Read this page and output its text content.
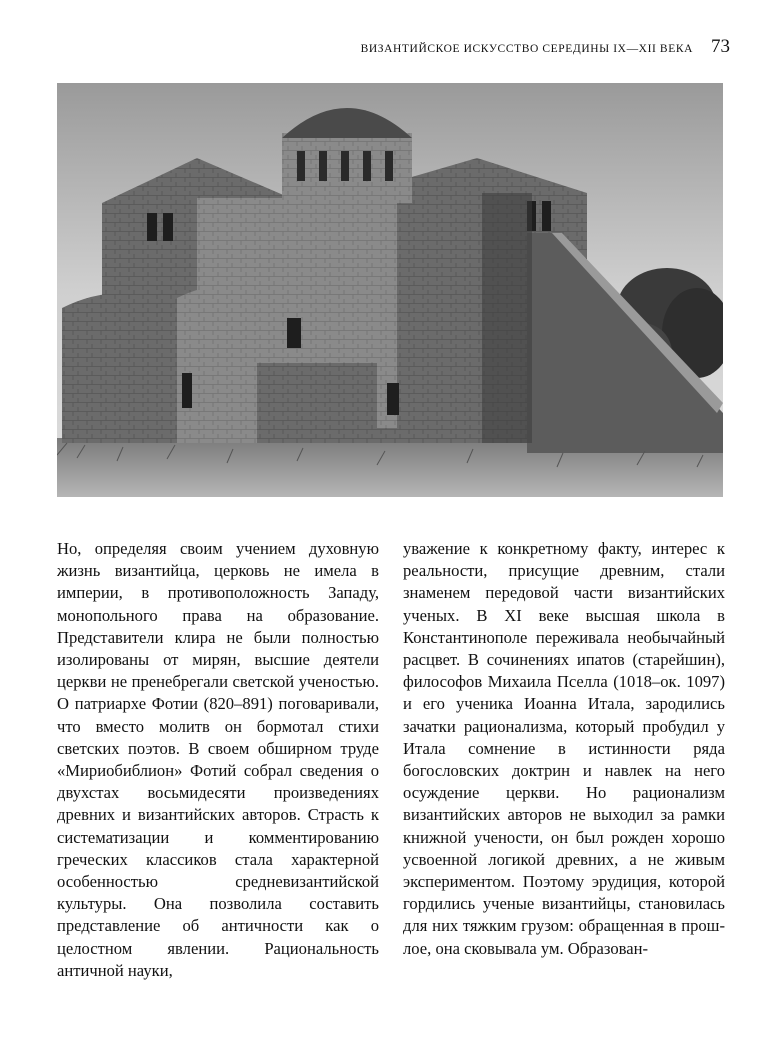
ВИЗАНТИЙСКОЕ ИСКУССТВО СЕРЕДИНЫ IX—XII ВЕКА 73

Но, определяя своим учением духовную жизнь византийца, церковь не имела в империи, в противоположность Западу, монопольного права на образование. Представители клира не были полностью изолированы от мирян, высшие деятели церкви не пренебрегали светской ученостью. О патриархе Фотии (820–891) поговаривали, что вместо молитв он бормотал стихи светских поэтов. В своем обширном труде «Мириобиблион» Фотий собрал сведения о двухстах восьмидесяти произведениях древних и византийских авторов. Страсть к систематизации и комментированию греческих классиков стала характерной особенностью средневизантийской культуры. Она позволила составить представление об античности как о целостном явлении. Рациональность античной науки,

уважение к конкретному факту, интерес к реальности, присущие древним, стали знаменем передовой части византийских ученых. В XI веке высшая школа в Константинополе переживала необычайный расцвет. В сочинениях ипатов (старейшин), философов Михаила Пселла (1018–ок. 1097) и его ученика Иоанна Итала, зародились зачатки рационализма, который пробудил у Итала сомнение в истинности ряда богословских доктрин и навлек на него осуждение церкви. Но рационализм византийских авторов не выходил за рамки книжной учености, он был рожден хорошо усвоенной логикой древних, а не живым экспериментом. Поэтому эрудиция, которой гордились ученые византийцы, становилась для них тяжким грузом: обращенная в прошлое, она сковывала ум. Образован-
